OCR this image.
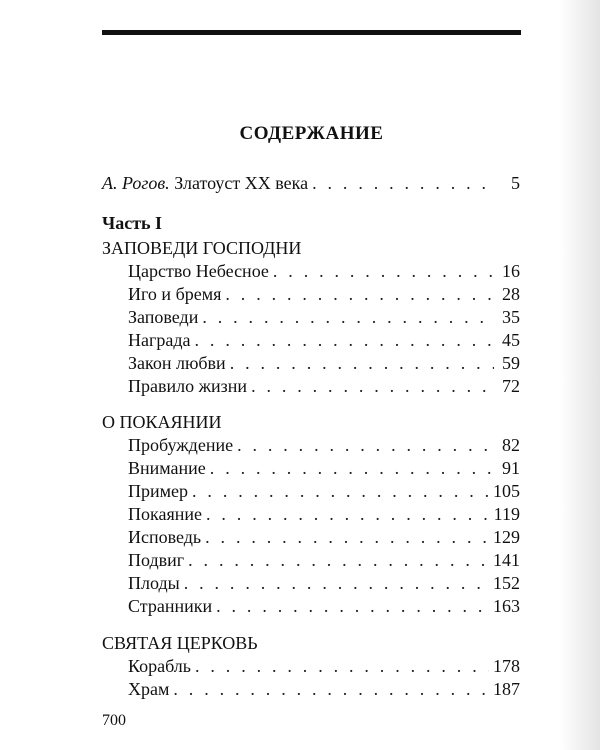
СОДЕРЖАНИЕ
А. Рогов. Златоуст XX века . . .	5
Часть I
ЗАПОВЕДИ ГОСПОДНИ
Царство Небесное . . .	16
Иго и бремя . . .	28
Заповеди . . .	35
Награда . . .	45
Закон любви . . .	59
Правило жизни . . .	72
О ПОКАЯНИИ
Пробуждение . . .	82
Внимание . . .	91
Пример . . .	105
Покаяние . . .	119
Исповедь . . .	129
Подвиг . . .	141
Плоды . . .	152
Странники . . .	163
СВЯТАЯ ЦЕРКОВЬ
Корабль . . .	178
Храм . . .	187
700
